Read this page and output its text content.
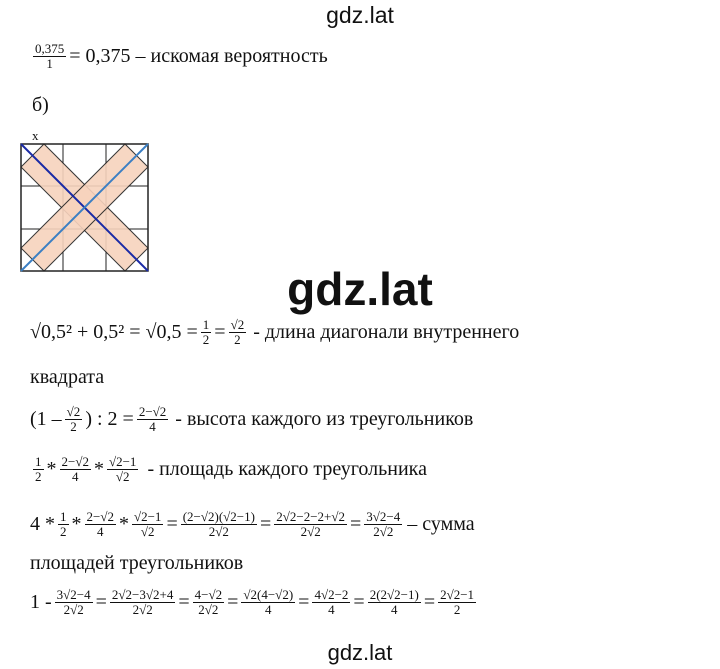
gdz.lat
$\frac{0,375}{1} = 0,375$ – искомая вероятность
б)
x
gdz.lat
$√0,5^2 + 0,5^2 = √0,5 = \frac{1}{2} = \frac{√2}{2}$ - длина диагонали внутреннего
квадрата
($1 - \frac{√2}{2}$ ) : $2 = \frac{2-√2}{4}$ - высота каждого из треугольников
$\frac{1}{2} * \frac{2-√2}{4} * \frac{√2-1}{√2}$ - площадь каждого треугольника
$4 * \frac{1}{2} * \frac{2-√2}{4} * \frac{√2-1}{√2} = \frac{(2-√2)(√2-1)}{2√2} = \frac{2√2-2-2+√2}{2√2} = \frac{3√2-4}{2√2}$ – сумма
площадей треугольников
$1 - \frac{3√2-4}{2√2} = \frac{2√2-3√2+4}{2√2} = \frac{4-√2}{2√2} = \frac{√2(4-√2)}{4} = \frac{4√2-2}{4} = \frac{2(2√2-1)}{4} = \frac{2√2-1}{2}$
gdz.lat
